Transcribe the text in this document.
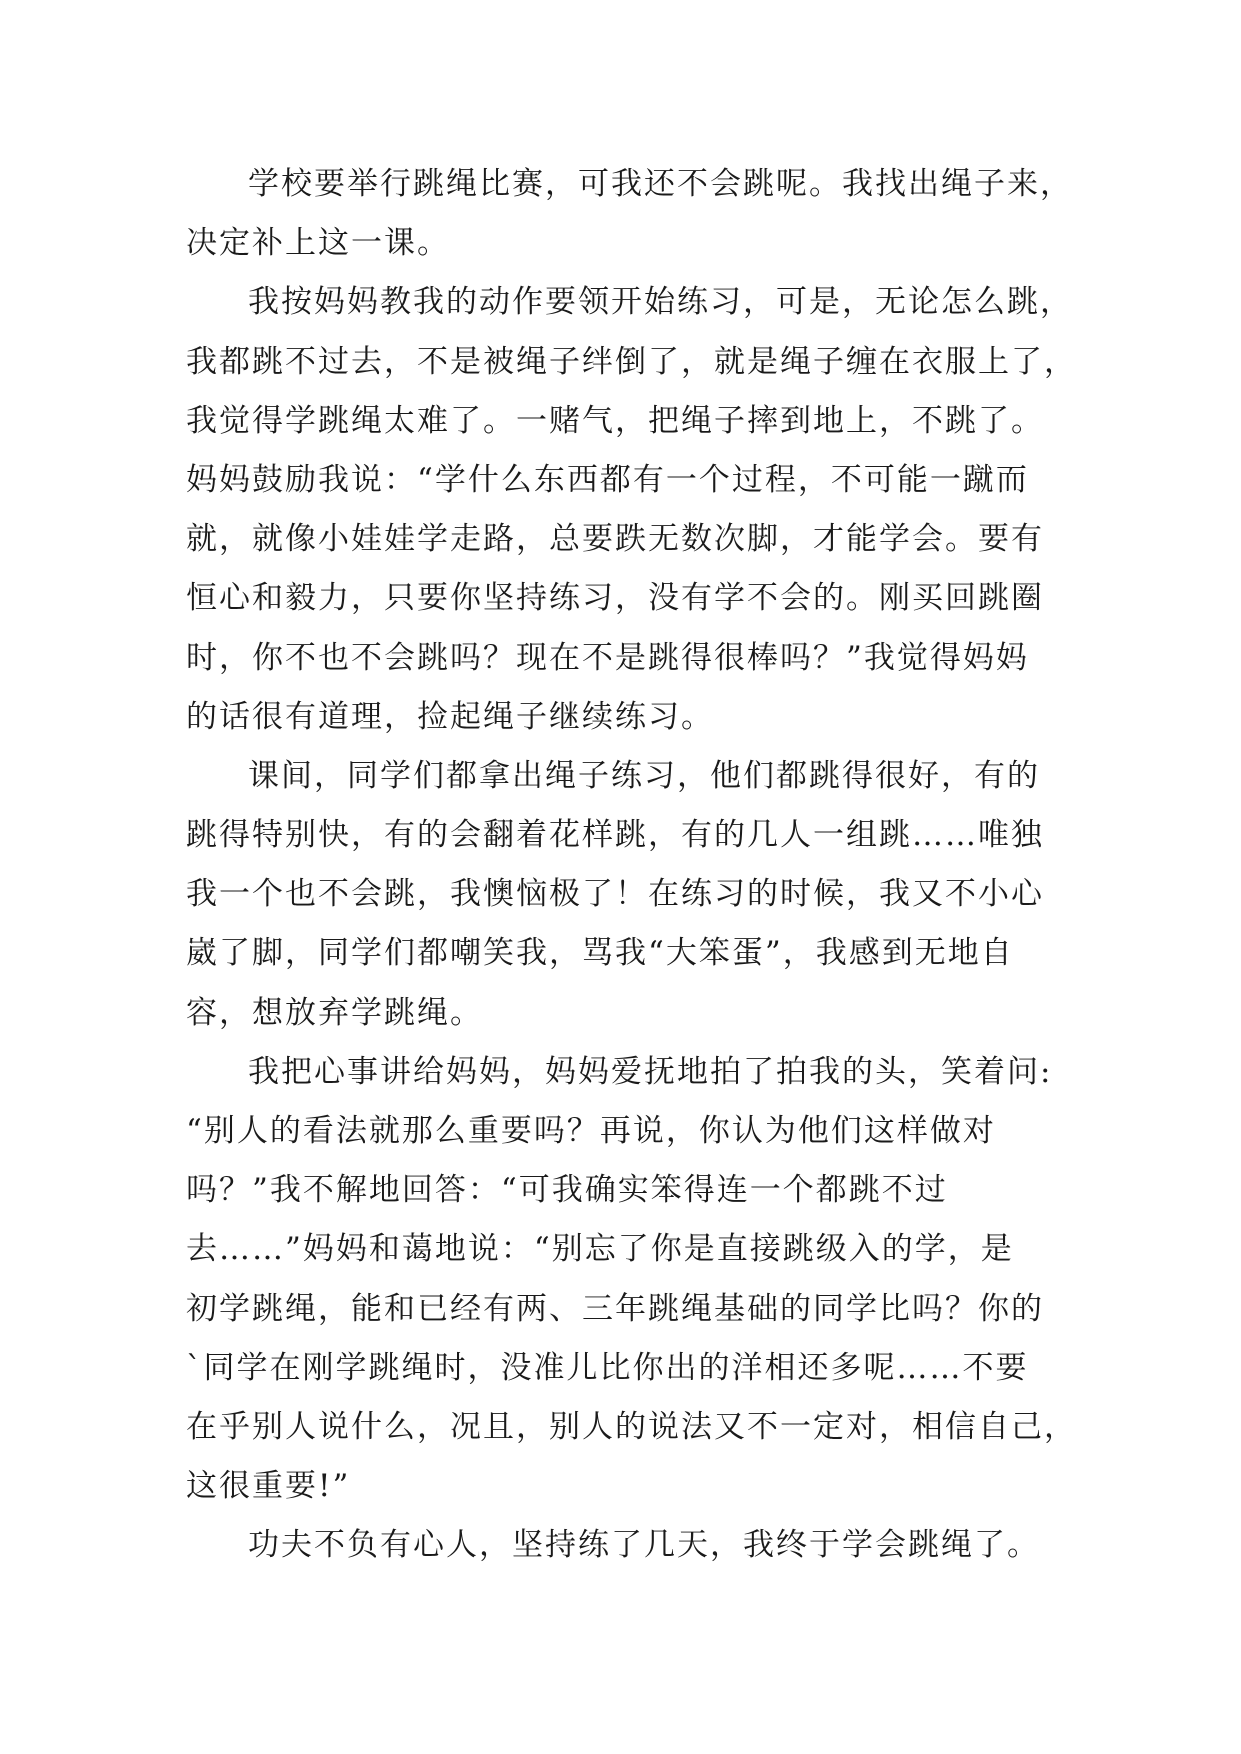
学校要举行跳绳比赛，可我还不会跳呢。我找出绳子来，
决定补上这一课。
我按妈妈教我的动作要领开始练习，可是，无论怎么跳，
我都跳不过去，不是被绳子绊倒了，就是绳子缠在衣服上了，
我觉得学跳绳太难了。一赌气，把绳子摔到地上，不跳了。
妈妈鼓励我说：“学什么东西都有一个过程，不可能一蹴而
就，就像小娃娃学走路，总要跌无数次脚，才能学会。要有
恒心和毅力，只要你坚持练习，没有学不会的。刚买回跳圈
时，你不也不会跳吗？现在不是跳得很棒吗？”我觉得妈妈
的话很有道理，捡起绳子继续练习。
课间，同学们都拿出绳子练习，他们都跳得很好，有的
跳得特别快，有的会翻着花样跳，有的几人一组跳……唯独
我一个也不会跳，我懊恼极了！在练习的时候，我又不小心
崴了脚，同学们都嘲笑我，骂我“大笨蛋”，我感到无地自
容，想放弃学跳绳。
我把心事讲给妈妈，妈妈爱抚地拍了拍我的头，笑着问:
“别人的看法就那么重要吗？再说，你认为他们这样做对
吗？”我不解地回答：“可我确实笨得连一个都跳不过
去……”妈妈和蔼地说：“别忘了你是直接跳级入的学，是
初学跳绳，能和已经有两、三年跳绳基础的同学比吗？你的
`同学在刚学跳绳时，没准儿比你出的洋相还多呢……不要
在乎别人说什么，况且，别人的说法又不一定对，相信自己，
这很重要!”
功夫不负有心人，坚持练了几天，我终于学会跳绳了。
